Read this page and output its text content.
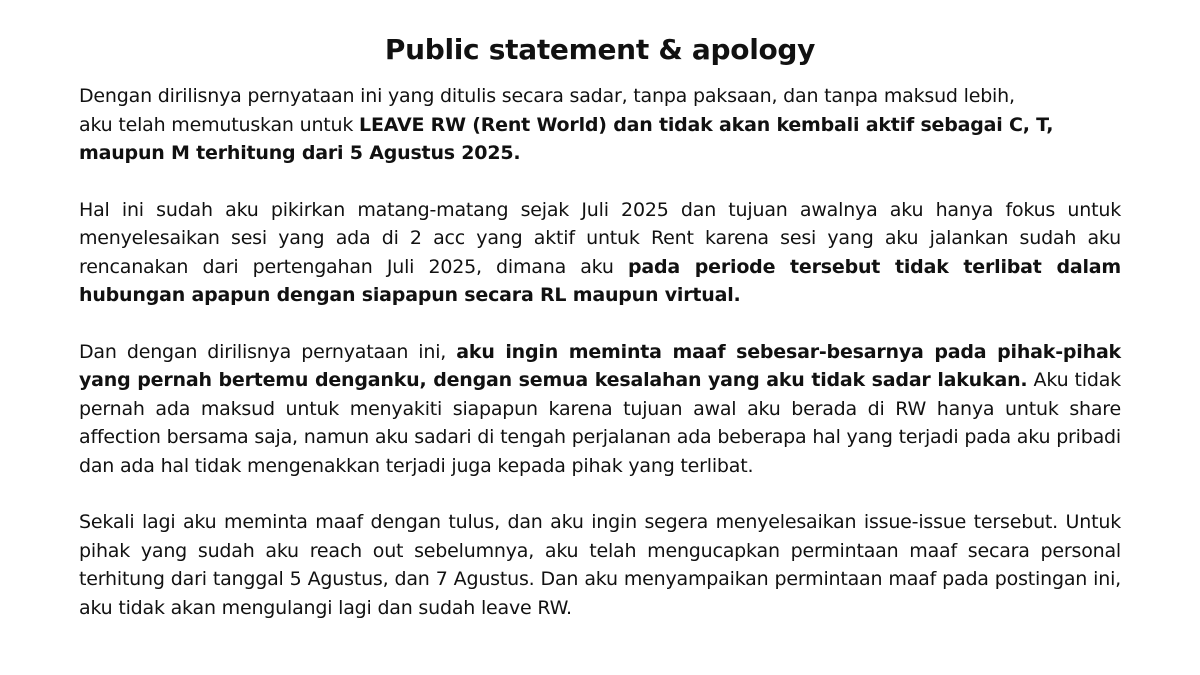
Public statement & apology

Dengan dirilisnya pernyataan ini yang ditulis secara sadar, tanpa paksaan, dan tanpa maksud lebih,
aku telah memutuskan untuk LEAVE RW (Rent World) dan tidak akan kembali aktif sebagai C, T, maupun M terhitung dari 5 Agustus 2025.

Hal ini sudah aku pikirkan matang-matang sejak Juli 2025 dan tujuan awalnya aku hanya fokus untuk menyelesaikan sesi yang ada di 2 acc yang aktif untuk Rent karena sesi yang aku jalankan sudah aku rencanakan dari pertengahan Juli 2025, dimana aku pada periode tersebut tidak terlibat dalam hubungan apapun dengan siapapun secara RL maupun virtual.

Dan dengan dirilisnya pernyataan ini, aku ingin meminta maaf sebesar-besarnya pada pihak-pihak yang pernah bertemu denganku, dengan semua kesalahan yang aku tidak sadar lakukan. Aku tidak pernah ada maksud untuk menyakiti siapapun karena tujuan awal aku berada di RW hanya untuk share affection bersama saja, namun aku sadari di tengah perjalanan ada beberapa hal yang terjadi pada aku pribadi dan ada hal tidak mengenakkan terjadi juga kepada pihak yang terlibat.

Sekali lagi aku meminta maaf dengan tulus, dan aku ingin segera menyelesaikan issue-issue tersebut. Untuk pihak yang sudah aku reach out sebelumnya, aku telah mengucapkan permintaan maaf secara personal terhitung dari tanggal 5 Agustus, dan 7 Agustus. Dan aku menyampaikan permintaan maaf pada postingan ini, aku tidak akan mengulangi lagi dan sudah leave RW.
